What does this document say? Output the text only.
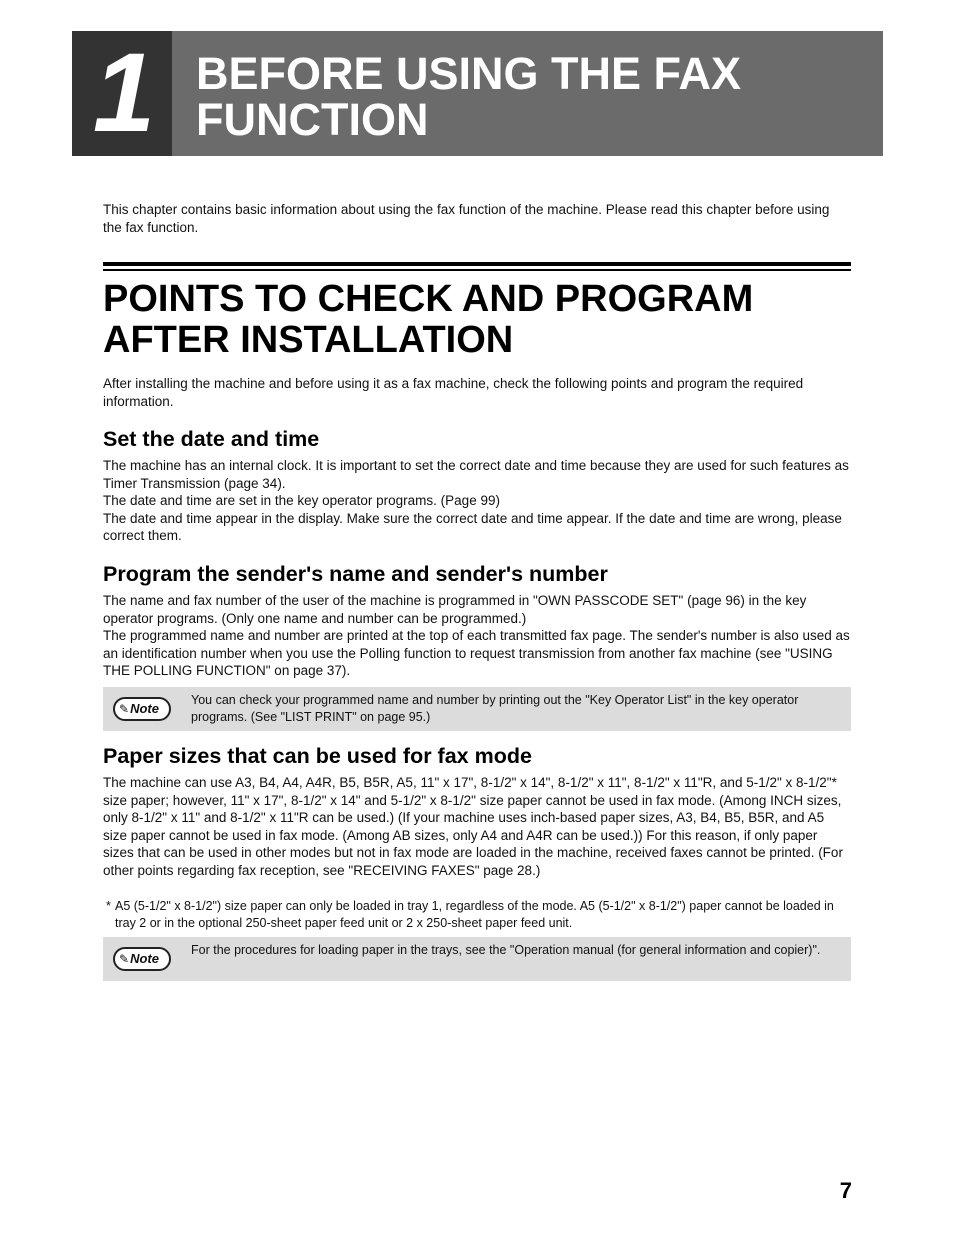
1 BEFORE USING THE FAX FUNCTION
This chapter contains basic information about using the fax function of the machine. Please read this chapter before using the fax function.
POINTS TO CHECK AND PROGRAM AFTER INSTALLATION
After installing the machine and before using it as a fax machine, check the following points and program the required information.
Set the date and time
The machine has an internal clock. It is important to set the correct date and time because they are used for such features as Timer Transmission (page 34).
The date and time are set in the key operator programs. (Page 99)
The date and time appear in the display. Make sure the correct date and time appear. If the date and time are wrong, please correct them.
Program the sender's name and sender's number
The name and fax number of the user of the machine is programmed in "OWN PASSCODE SET" (page 96) in the key operator programs. (Only one name and number can be programmed.)
The programmed name and number are printed at the top of each transmitted fax page. The sender's number is also used as an identification number when you use the Polling function to request transmission from another fax machine (see "USING THE POLLING FUNCTION" on page 37).
✎Note
You can check your programmed name and number by printing out the "Key Operator List" in the key operator programs. (See "LIST PRINT" on page 95.)
Paper sizes that can be used for fax mode
The machine can use A3, B4, A4, A4R, B5, B5R, A5, 11" x 17", 8-1/2" x 14", 8-1/2" x 11", 8-1/2" x 11"R, and 5-1/2" x 8-1/2"* size paper; however, 11" x 17", 8-1/2" x 14" and 5-1/2" x 8-1/2" size paper cannot be used in fax mode. (Among INCH sizes, only 8-1/2" x 11" and 8-1/2" x 11"R can be used.) (If your machine uses inch-based paper sizes, A3, B4, B5, B5R, and A5 size paper cannot be used in fax mode. (Among AB sizes, only A4 and A4R can be used.)) For this reason, if only paper sizes that can be used in other modes but not in fax mode are loaded in the machine, received faxes cannot be printed. (For other points regarding fax reception, see "RECEIVING FAXES" page 28.)
* A5 (5-1/2" x 8-1/2") size paper can only be loaded in tray 1, regardless of the mode. A5 (5-1/2" x 8-1/2") paper cannot be loaded in tray 2 or in the optional 250-sheet paper feed unit or 2 x 250-sheet paper feed unit.
✎Note
For the procedures for loading paper in the trays, see the "Operation manual (for general information and copier)".
7
